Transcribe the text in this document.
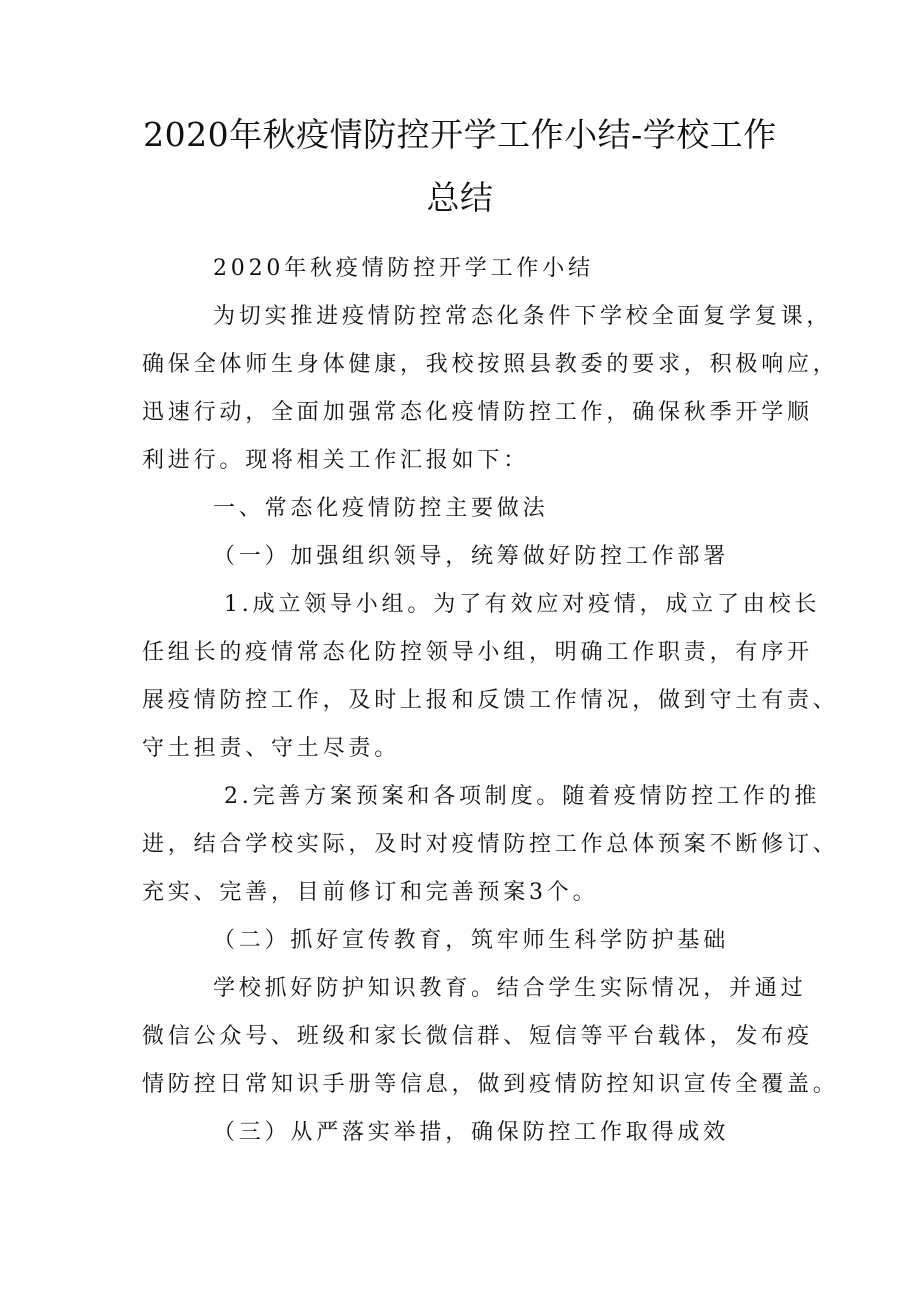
2020年秋疫情防控开学工作小结-学校工作
总结
2020年秋疫情防控开学工作小结
为切实推进疫情防控常态化条件下学校全面复学复课，
确保全体师生身体健康，我校按照县教委的要求，积极响应，
迅速行动，全面加强常态化疫情防控工作，确保秋季开学顺
利进行。现将相关工作汇报如下：
一、常态化疫情防控主要做法
（一）加强组织领导，统筹做好防控工作部署
1.成立领导小组。为了有效应对疫情，成立了由校长
任组长的疫情常态化防控领导小组，明确工作职责，有序开
展疫情防控工作，及时上报和反馈工作情况，做到守土有责、
守土担责、守土尽责。
2.完善方案预案和各项制度。随着疫情防控工作的推
进，结合学校实际，及时对疫情防控工作总体预案不断修订、
充实、完善，目前修订和完善预案3个。
（二）抓好宣传教育，筑牢师生科学防护基础
学校抓好防护知识教育。结合学生实际情况，并通过
微信公众号、班级和家长微信群、短信等平台载体，发布疫
情防控日常知识手册等信息，做到疫情防控知识宣传全覆盖。
（三）从严落实举措，确保防控工作取得成效
